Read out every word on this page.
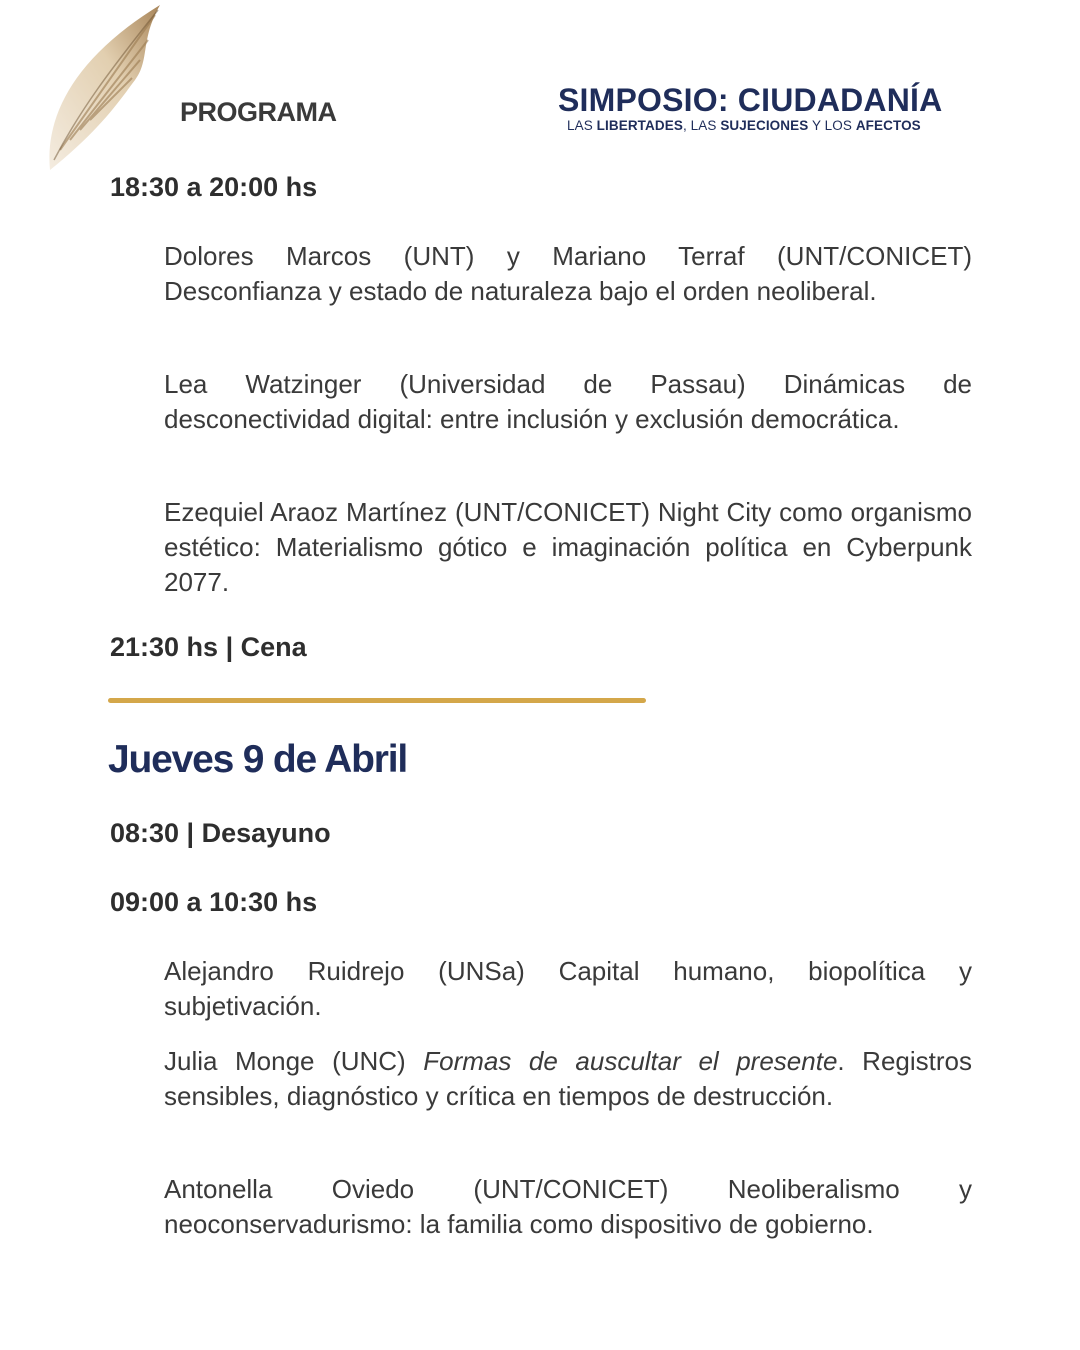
PROGRAMA	SIMPOSIO: CIUDADANÍA
LAS LIBERTADES, LAS SUJECIONES Y LOS AFECTOS
18:30 a 20:00 hs
Dolores Marcos (UNT) y Mariano Terraf (UNT/CONICET) Desconfianza y estado de naturaleza bajo el orden neoliberal.
Lea Watzinger (Universidad de Passau) Dinámicas de desconectividad digital: entre inclusión y exclusión democrática.
Ezequiel Araoz Martínez (UNT/CONICET) Night City como organismo estético: Materialismo gótico e imaginación política en Cyberpunk 2077.
21:30 hs | Cena
Jueves 9 de Abril
08:30 | Desayuno
09:00 a 10:30 hs
Alejandro Ruidrejo (UNSa) Capital humano, biopolítica y subjetivación.
Julia Monge (UNC) Formas de auscultar el presente. Registros sensibles, diagnóstico y crítica en tiempos de destrucción.
Antonella Oviedo (UNT/CONICET) Neoliberalismo y neoconservadurismo: la familia como dispositivo de gobierno.
